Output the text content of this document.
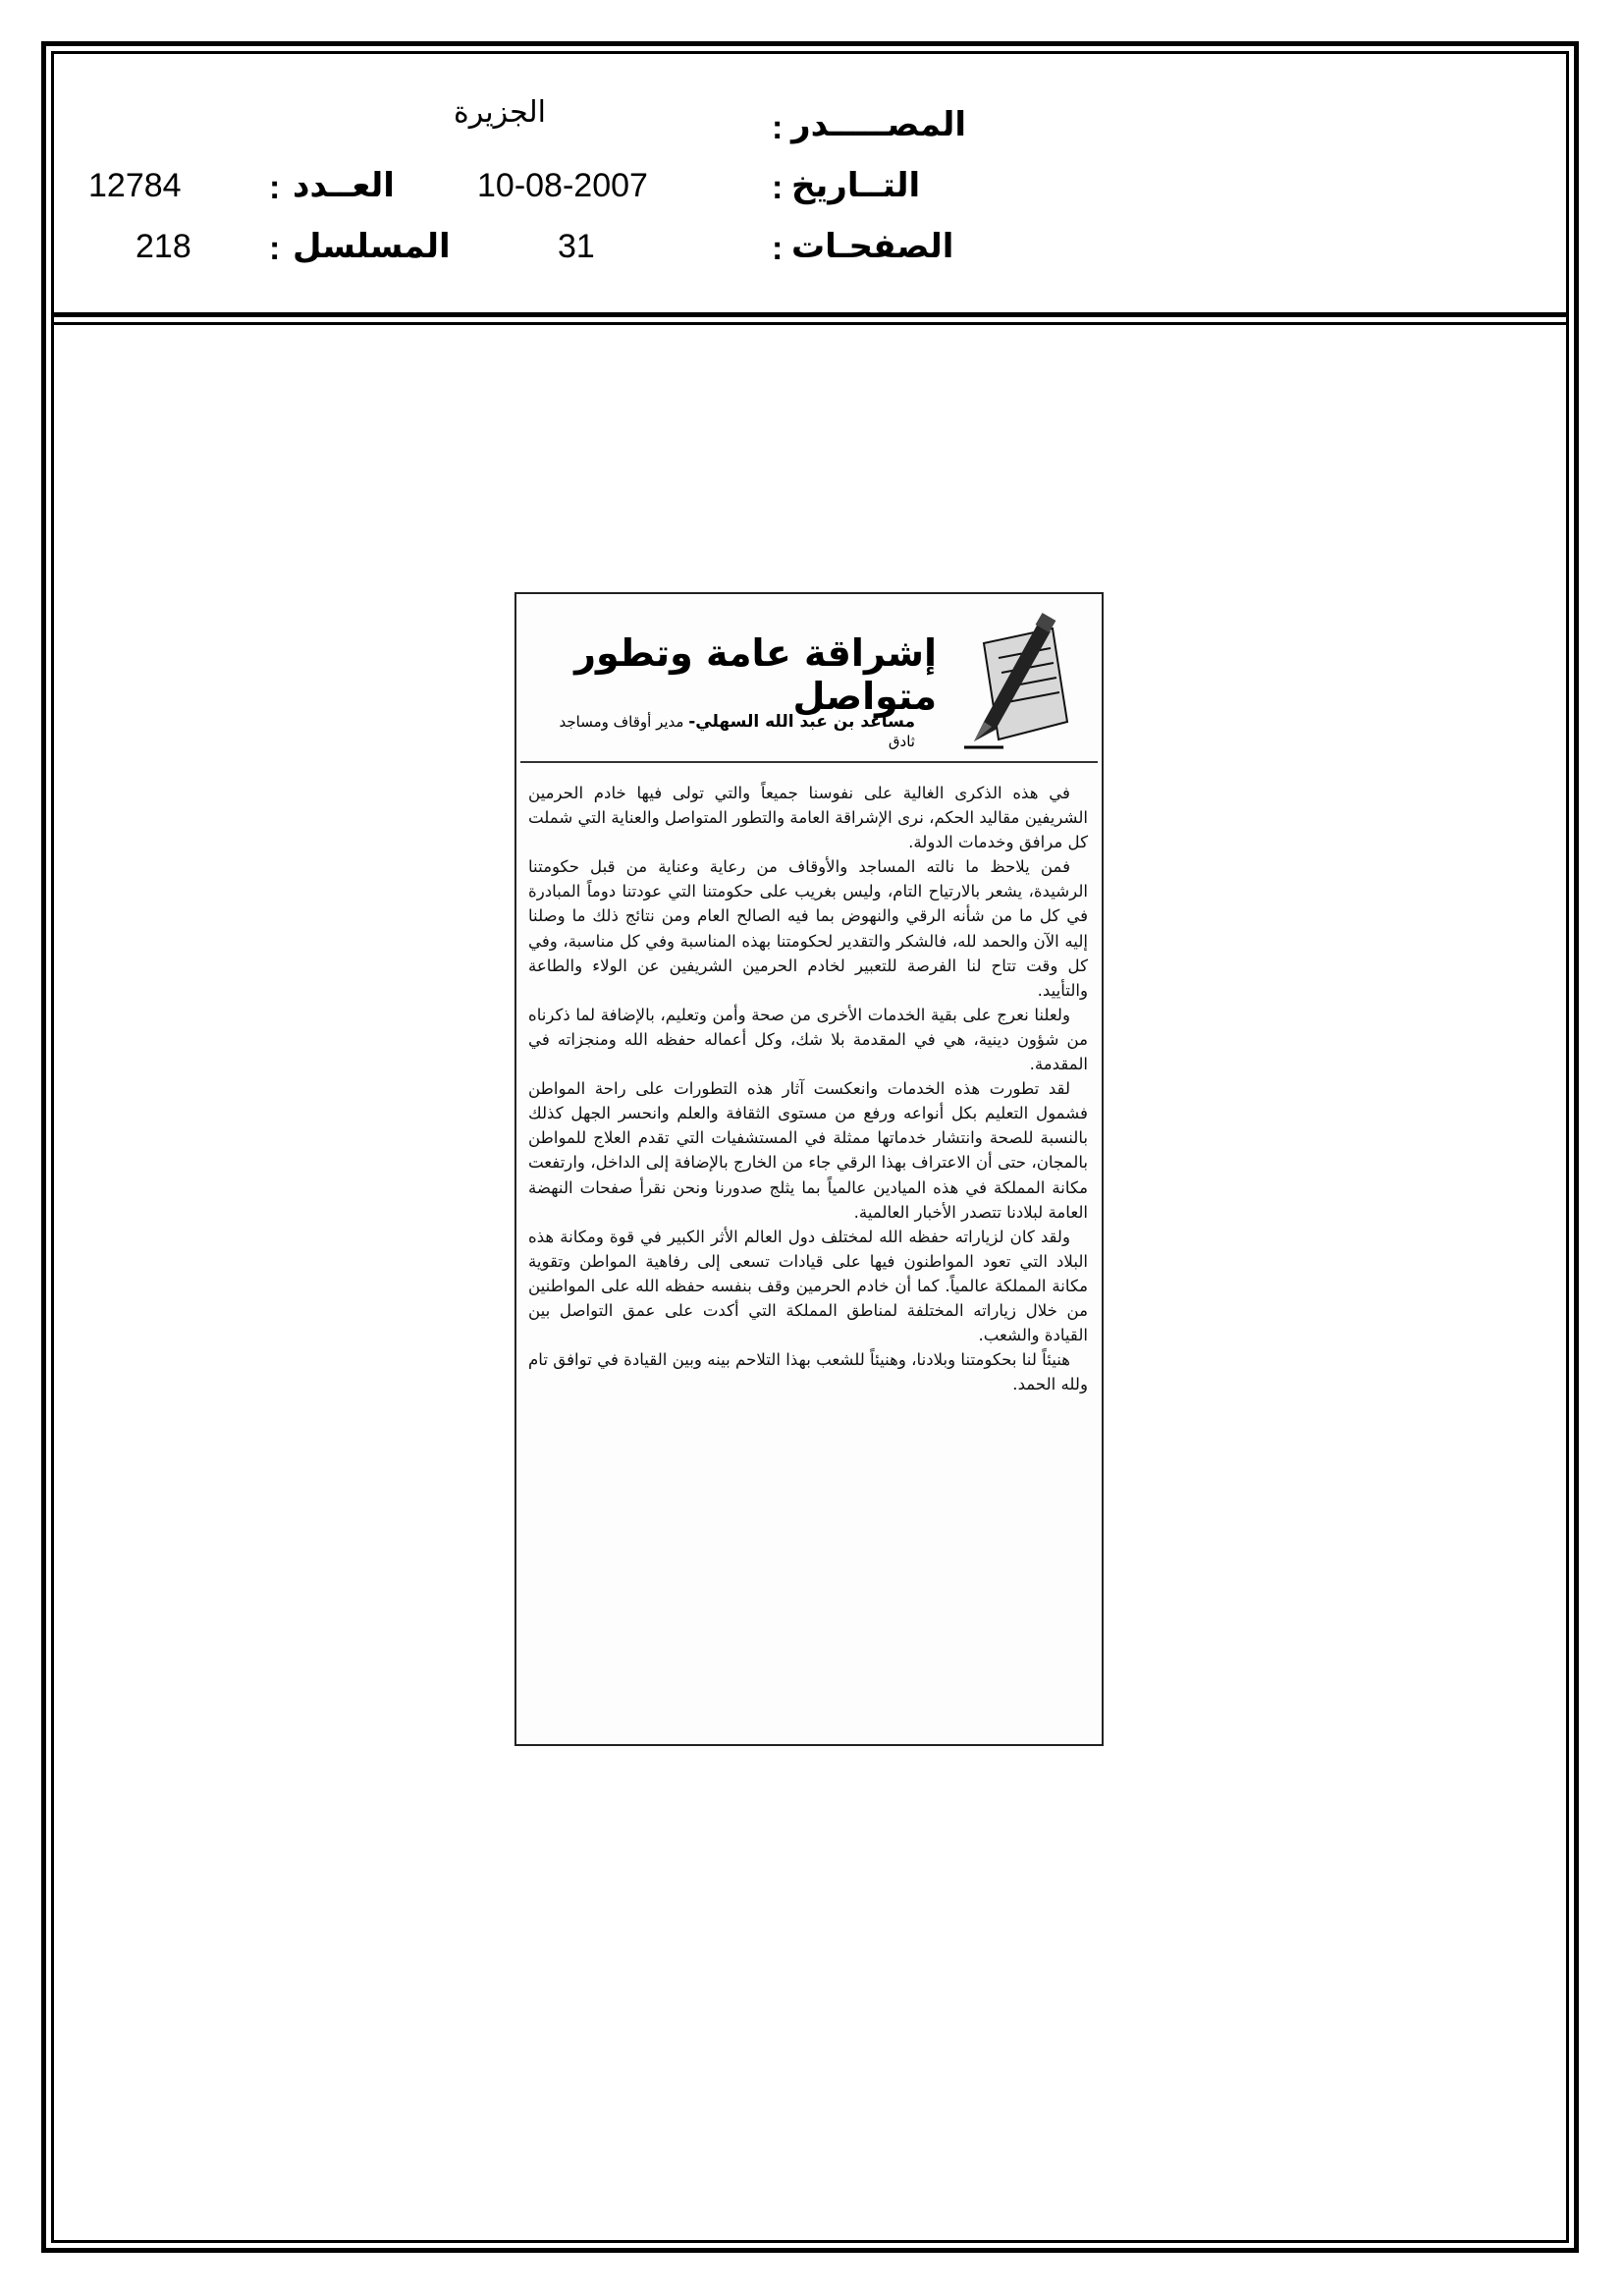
المصـــــدر
:
الجزيرة
التــاريخ
:
10-08-2007
العــدد
:
12784
الصفحـات
:
31
المسلسل
:
218
إشراقة عامة وتطور متواصل
مساعد بن عبد الله السهلي- مدير أوقاف ومساجد ثادق

في هذه الذكرى الغالية على نفوسنا جميعاً والتي تولى فيها خادم الحرمين الشريفين مقاليد الحكم، نرى الإشراقة العامة والتطور المتواصل والعناية التي شملت كل مرافق وخدمات الدولة.

فمن يلاحظ ما نالته المساجد والأوقاف من رعاية وعناية من قبل حكومتنا الرشيدة، يشعر بالارتياح التام، وليس بغريب على حكومتنا التي عودتنا دوماً المبادرة في كل ما من شأنه الرقي والنهوض بما فيه الصالح العام ومن نتائج ذلك ما وصلنا إليه الآن والحمد لله، فالشكر والتقدير لحكومتنا بهذه المناسبة وفي كل مناسبة، وفي كل وقت تتاح لنا الفرصة للتعبير لخادم الحرمين الشريفين عن الولاء والطاعة والتأييد.

ولعلنا نعرج على بقية الخدمات الأخرى من صحة وأمن وتعليم، بالإضافة لما ذكرناه من شؤون دينية، هي في المقدمة بلا شك، وكل أعماله حفظه الله ومنجزاته في المقدمة.

لقد تطورت هذه الخدمات وانعكست آثار هذه التطورات على راحة المواطن فشمول التعليم بكل أنواعه ورفع من مستوى الثقافة والعلم وانحسر الجهل كذلك بالنسبة للصحة وانتشار خدماتها ممثلة في المستشفيات التي تقدم العلاج للمواطن بالمجان، حتى أن الاعتراف بهذا الرقي جاء من الخارج بالإضافة إلى الداخل، وارتفعت مكانة المملكة في هذه الميادين عالمياً بما يثلج صدورنا ونحن نقرأ صفحات النهضة العامة لبلادنا تتصدر الأخبار العالمية.

ولقد كان لزياراته حفظه الله لمختلف دول العالم الأثر الكبير في قوة ومكانة هذه البلاد التي تعود المواطنون فيها على قيادات تسعى إلى رفاهية المواطن وتقوية مكانة المملكة عالمياً. كما أن خادم الحرمين وقف بنفسه حفظه الله على المواطنين من خلال زياراته المختلفة لمناطق المملكة التي أكدت على عمق التواصل بين القيادة والشعب.

هنيئاً لنا بحكومتنا وبلادنا، وهنيئاً للشعب بهذا التلاحم بينه وبين القيادة في توافق تام ولله الحمد.
